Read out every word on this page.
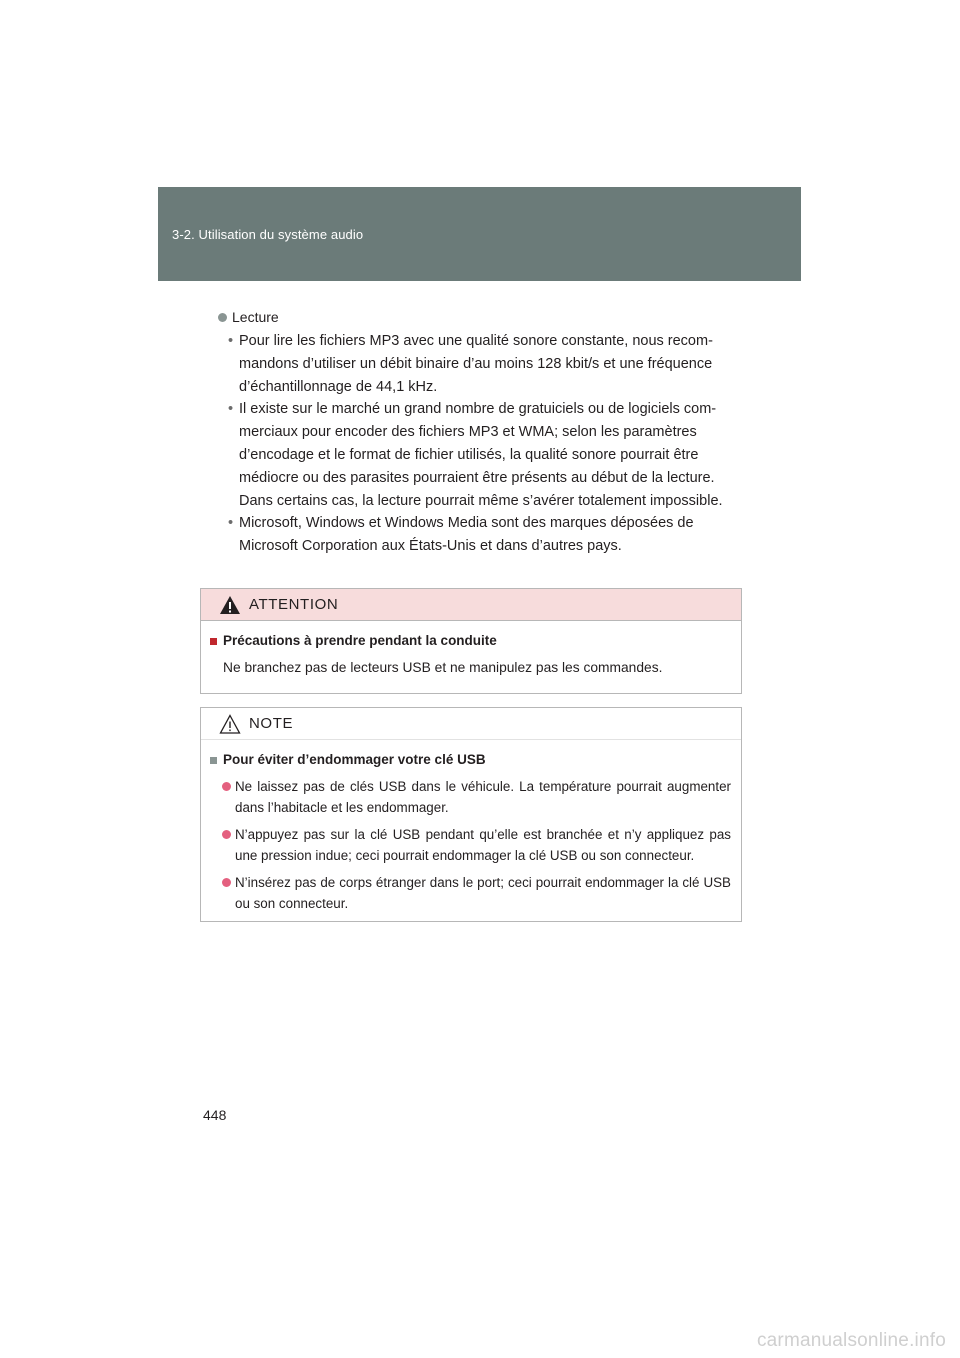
3-2. Utilisation du système audio
Lecture
• Pour lire les fichiers MP3 avec une qualité sonore constante, nous recom-
mandons d’utiliser un débit binaire d’au moins 128 kbit/s et une fréquence
d’échantillonnage de 44,1 kHz.
• Il existe sur le marché un grand nombre de gratuiciels ou de logiciels com-
merciaux pour encoder des fichiers MP3 et WMA; selon les paramètres
d’encodage et le format de fichier utilisés, la qualité sonore pourrait être
médiocre ou des parasites pourraient être présents au début de la lecture.
Dans certains cas, la lecture pourrait même s’avérer totalement impossible.
• Microsoft, Windows et Windows Media sont des marques déposées de
Microsoft Corporation aux États-Unis et dans d’autres pays.
ATTENTION
Précautions à prendre pendant la conduite
Ne branchez pas de lecteurs USB et ne manipulez pas les commandes.
NOTE
Pour éviter d’endommager votre clé USB
Ne laissez pas de clés USB dans le véhicule. La température pourrait augmenter dans l’habitacle et les endommager.
N’appuyez pas sur la clé USB pendant qu’elle est branchée et n’y appliquez pas une pression indue; ceci pourrait endommager la clé USB ou son connecteur.
N’insérez pas de corps étranger dans le port; ceci pourrait endommager la clé USB ou son connecteur.
448
carmanualsonline.info
